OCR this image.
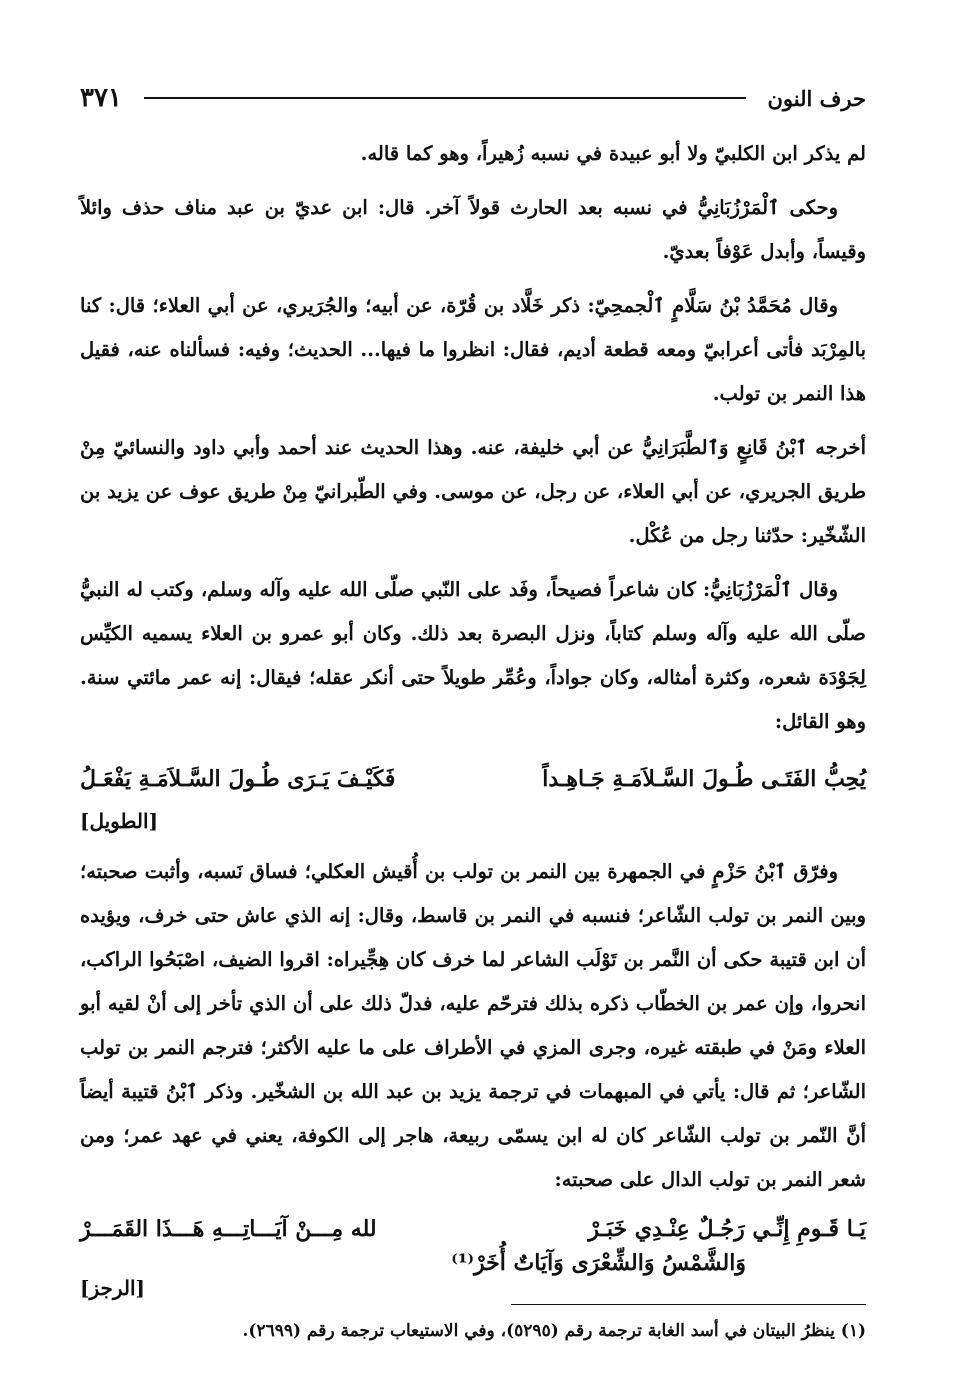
حرف النون
٣٧١

لم يذكر ابن الكلبيّ ولا أبو عبيدة في نسبه زُهيراً، وهو كما قاله.

وحكى ٱلْمَرْزُبَانِيُّ في نسبه بعد الحارث قولاً آخر. قال: ابن عديّ بن عبد مناف حذف وائلاً وقيساً، وأبدل عَوْفاً بعديّ.

وقال مُحَمَّدُ بْنُ سَلَّامٍ ٱلْجمحِيّ: ذكر خَلَّاد بن قُرّة، عن أبيه؛ والجُرَيري، عن أبي العلاء؛ قال: كنا بالمِرْبَد فأتى أعرابيّ ومعه قطعة أديم، فقال: انظروا ما فيها... الحديث؛ وفيه: فسألناه عنه، فقيل هذا النمر بن تولب.

أخرجه ٱبْنُ قَانِعٍ وَٱلطَّبَرَانِيُّ عن أبي خليفة، عنه. وهذا الحديث عند أحمد وأبي داود والنسائيّ مِنْ طريق الجريري، عن أبي العلاء، عن رجل، عن موسى. وفي الطّبرانيّ مِنْ طريق عوف عن يزيد بن الشّخّير: حدّثنا رجل من عُكْل.

وقال ٱلْمَرْزُبَانِيُّ: كان شاعراً فصيحاً، وفَد على النّبي صلّى الله عليه وآله وسلم، وكتب له النبيُّ صلّى الله عليه وآله وسلم كتاباً، ونزل البصرة بعد ذلك. وكان أبو عمرو بن العلاء يسميه الكيِّس لِجَوْدَة شعره، وكثرة أمثاله، وكان جواداً، وعُمِّر طويلاً حتى أنكر عقله؛ فيقال: إنه عمر مائتي سنة. وهو القائل:

يُحِبُّ الفَتَـى طُـولَ السَّـلاَمَـةِ جَـاهِـداً
فَكَيْـفَ يَـرَى طُـولَ السَّـلاَمَـةِ يَفْعَـلُ
[الطويل]

وفرّق ٱبْنُ حَزْمٍ في الجمهرة بين النمر بن تولب بن أُقيش العكلي؛ فساق نَسبه، وأثبت صحبته؛ وبين النمر بن تولب الشّاعر؛ فنسبه في النمر بن قاسط، وقال: إنه الذي عاش حتى خرف، ويؤيده أن ابن قتيبة حكى أن النَّمر بن تَوْلَب الشاعر لما خرف كان هِجِّيراه: اقروا الضيف، اصْبَحُوا الراكب، انحروا، وإن عمر بن الخطّاب ذكره بذلك فترحّم عليه، فدلّ ذلك على أن الذي تأخر إلى أنْ لقيه أبو العلاء ومَنْ في طبقته غيره، وجرى المزي في الأطراف على ما عليه الأكثر؛ فترجم النمر بن تولب الشّاعر؛ ثم قال: يأتي في المبهمات في ترجمة يزيد بن عبد الله بن الشخّير. وذكر ٱبْنُ قتيبة أيضاً أنَّ النّمر بن تولب الشّاعر كان له ابن يسمّى ربيعة، هاجر إلى الكوفة، يعني في عهد عمر؛ ومن شعر النمر بن تولب الدال على صحبته:

يَـا قَـومِ إِنِّـي رَجُـلٌ عِنْـدِي خَبَـرْ
لله مِـــنْ آيَـــاتِـــهِ هَـــذَا القَمَـــرْ
وَالشَّمْسُ وَالشِّعْرَى وَآيَاتٌ أُخَرْ⁽¹⁾
[الرجز]
(١) ينظرُ البيتان في أسد الغابة ترجمة رقم (٥٢٩٥)، وفي الاستيعاب ترجمة رقم (٢٦٩٩).
